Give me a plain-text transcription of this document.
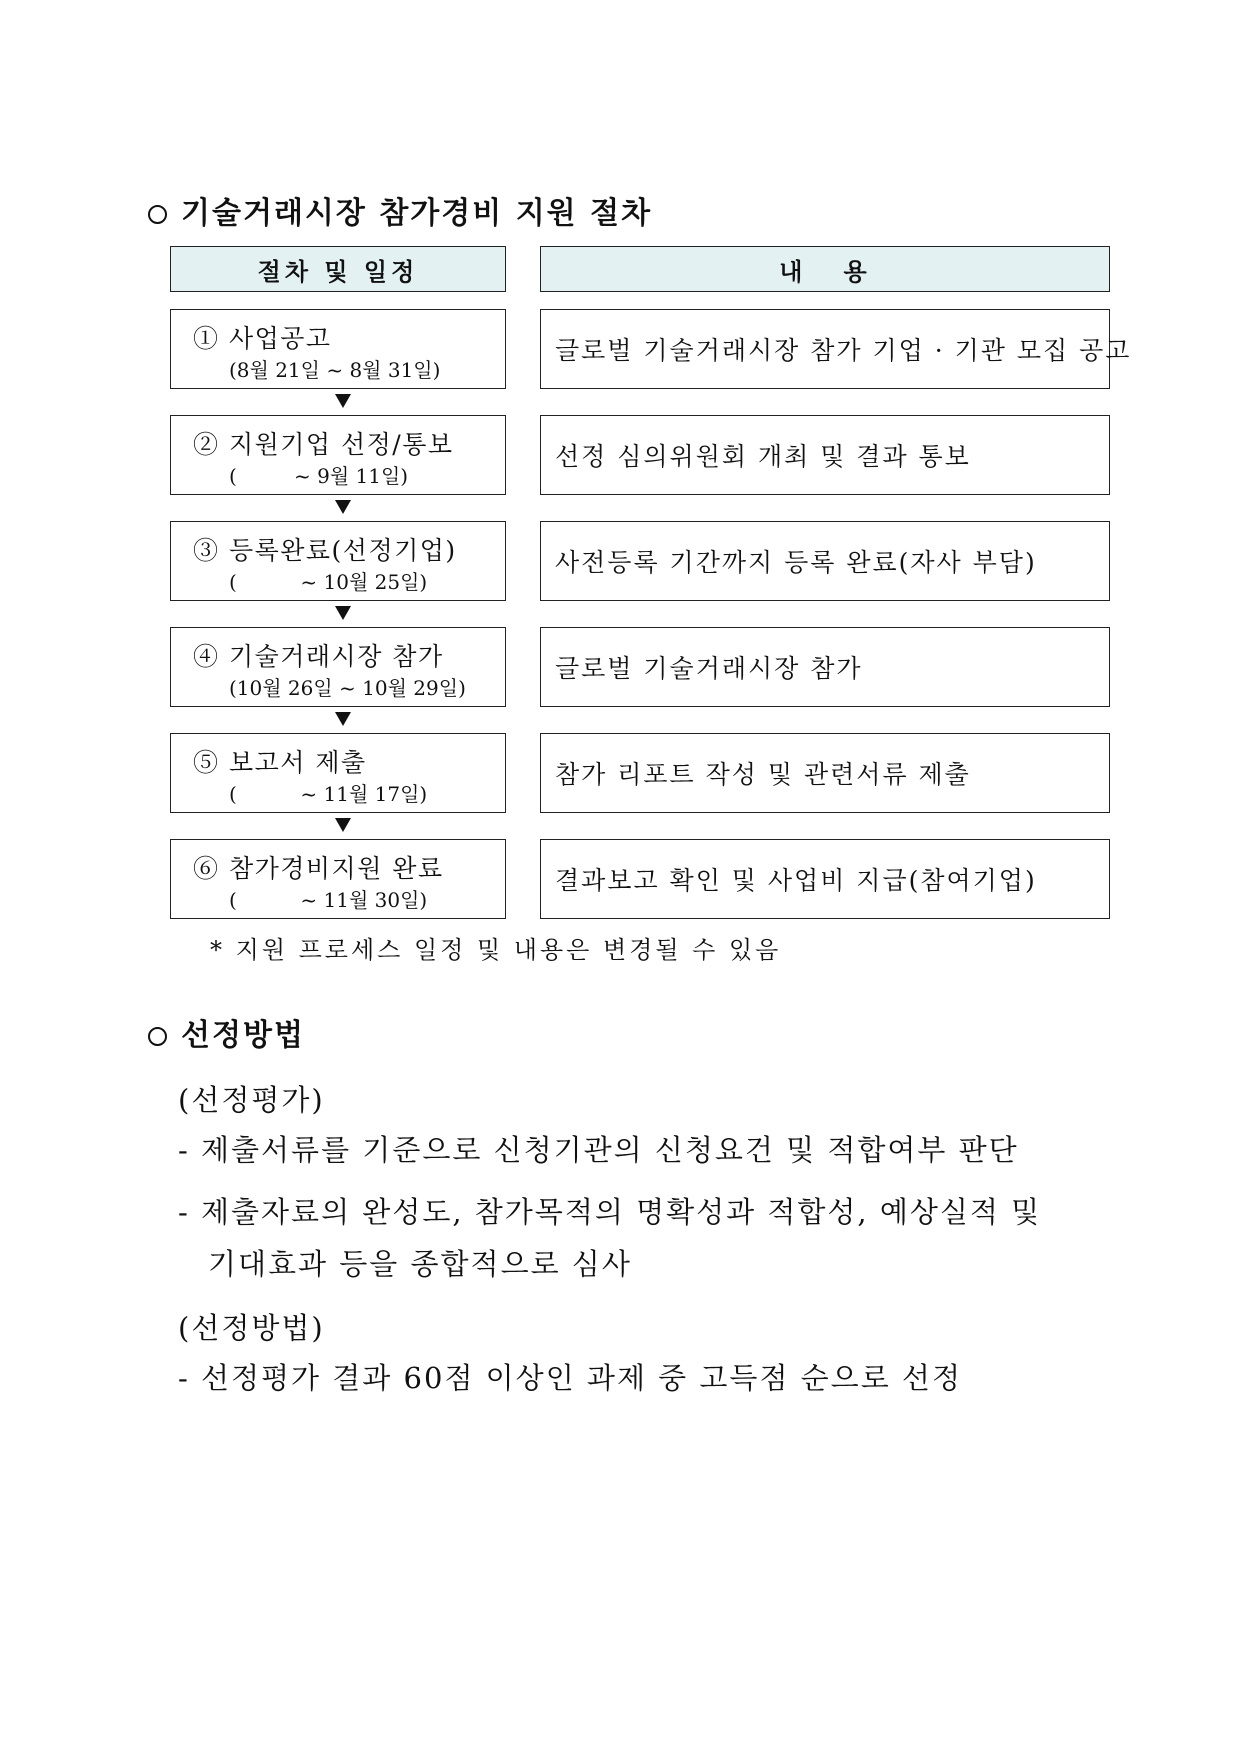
기술거래시장 참가경비 지원 절차
절차 및 일정	내   용
① 사업공고
(8월 21일 ~ 8월 31일)
글로벌 기술거래시장 참가 기업 · 기관 모집 공고
② 지원기업 선정/통보
(         ~ 9월 11일)
선정 심의위원회 개최 및 결과 통보
③ 등록완료(선정기업)
(          ~ 10월 25일)
사전등록 기간까지 등록 완료(자사 부담)
④ 기술거래시장 참가
(10월 26일 ~ 10월 29일)
글로벌 기술거래시장 참가
⑤ 보고서 제출
(          ~ 11월 17일)
참가 리포트 작성 및 관련서류 제출
⑥ 참가경비지원 완료
(          ~ 11월 30일)
결과보고 확인 및 사업비 지급(참여기업)
* 지원 프로세스 일정 및 내용은 변경될 수 있음
선정방법
(선정평가)
- 제출서류를 기준으로 신청기관의 신청요건 및 적합여부 판단
- 제출자료의 완성도, 참가목적의 명확성과 적합성, 예상실적 및
기대효과 등을 종합적으로 심사
(선정방법)
- 선정평가 결과 60점 이상인 과제 중 고득점 순으로 선정
